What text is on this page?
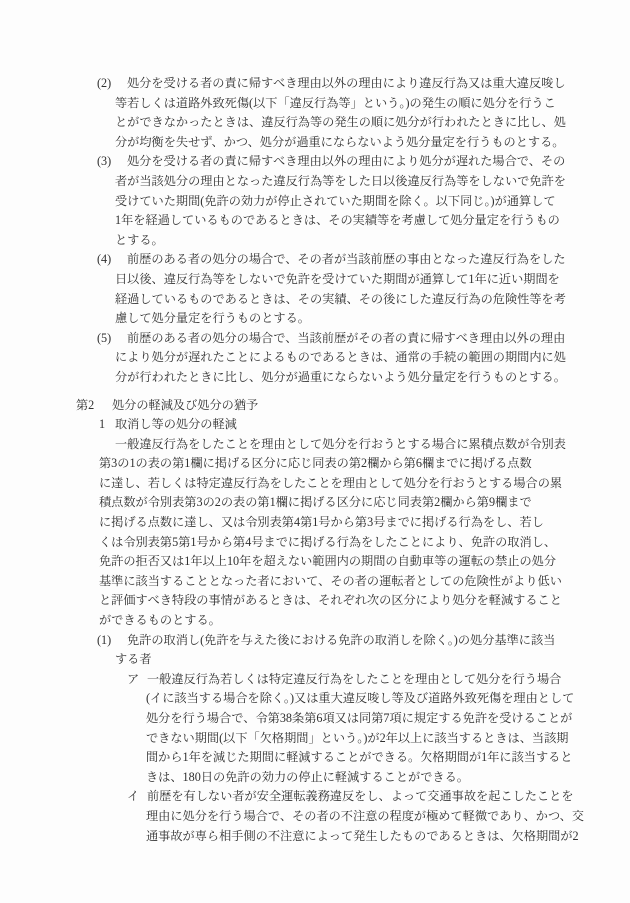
(2)	処分を受ける者の責に帰すべき理由以外の理由により違反行為又は重大違反唆し
等若しくは道路外致死傷(以下「違反行為等」という。)の発生の順に処分を行うこ
とができなかったときは、違反行為等の発生の順に処分が行われたときに比し、処
分が均衡を失せず、かつ、処分が過重にならないよう処分量定を行うものとする。
(3)	処分を受ける者の責に帰すべき理由以外の理由により処分が遅れた場合で、その
者が当該処分の理由となった違反行為等をした日以後違反行為等をしないで免許を
受けていた期間(免許の効力が停止されていた期間を除く。以下同じ。)が通算して
1年を経過しているものであるときは、その実績等を考慮して処分量定を行うもの
とする。
(4)	前歴のある者の処分の場合で、その者が当該前歴の事由となった違反行為をした
日以後、違反行為等をしないで免許を受けていた期間が通算して1年に近い期間を
経過しているものであるときは、その実績、その後にした違反行為の危険性等を考
慮して処分量定を行うものとする。
(5)	前歴のある者の処分の場合で、当該前歴がその者の責に帰すべき理由以外の理由
により処分が遅れたことによるものであるときは、通常の手続の範囲の期間内に処
分が行われたときに比し、処分が過重にならないよう処分量定を行うものとする。
第2 処分の軽減及び処分の猶予
1 取消し等の処分の軽減
一般違反行為をしたことを理由として処分を行おうとする場合に累積点数が令別表
第3の1の表の第1欄に掲げる区分に応じ同表の第2欄から第6欄までに掲げる点数
に達し、若しくは特定違反行為をしたことを理由として処分を行おうとする場合の累
積点数が令別表第3の2の表の第1欄に掲げる区分に応じ同表第2欄から第9欄まで
に掲げる点数に達し、又は令別表第4第1号から第3号までに掲げる行為をし、若し
くは令別表第5第1号から第4号までに掲げる行為をしたことにより、免許の取消し、
免許の拒否又は1年以上10年を超えない範囲内の期間の自動車等の運転の禁止の処分
基準に該当することとなった者において、その者の運転者としての危険性がより低い
と評価すべき特段の事情があるときは、それぞれ次の区分により処分を軽減すること
ができるものとする。
(1)	免許の取消し(免許を与えた後における免許の取消しを除く。)の処分基準に該当
する者
ア 一般違反行為若しくは特定違反行為をしたことを理由として処分を行う場合
(イに該当する場合を除く。)又は重大違反唆し等及び道路外致死傷を理由として
処分を行う場合で、令第38条第6項又は同第7項に規定する免許を受けることが
できない期間(以下「欠格期間」という。)が2年以上に該当するときは、当該期
間から1年を減じた期間に軽減することができる。欠格期間が1年に該当すると
きは、180日の免許の効力の停止に軽減することができる。
イ 前歴を有しない者が安全運転義務違反をし、よって交通事故を起こしたことを
理由に処分を行う場合で、その者の不注意の程度が極めて軽微であり、かつ、交
通事故が専ら相手側の不注意によって発生したものであるときは、欠格期間が2
